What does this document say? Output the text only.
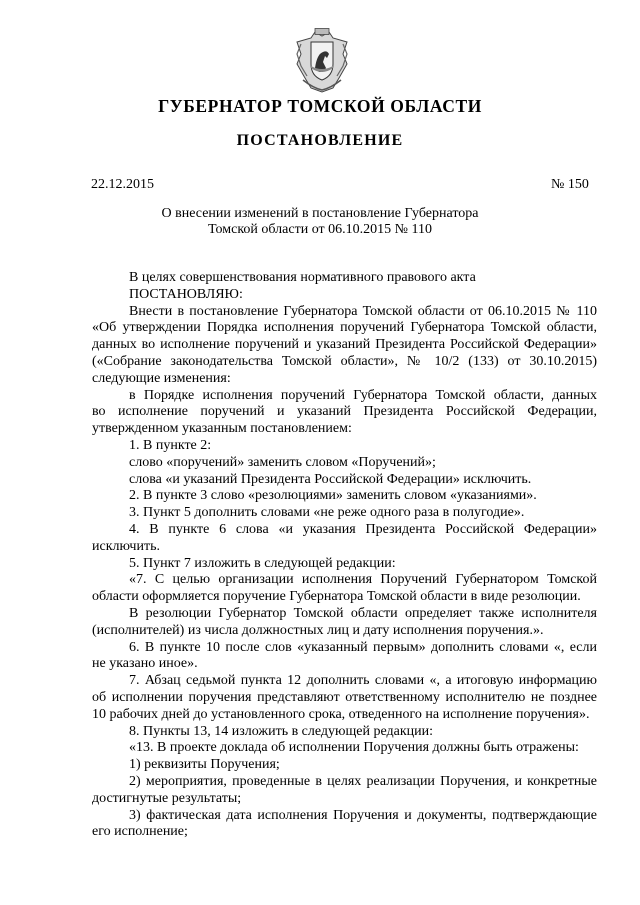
ГУБЕРНАТОР ТОМСКОЙ ОБЛАСТИ
ПОСТАНОВЛЕНИЕ
22.12.2015	№ 150
О внесении изменений в постановление Губернатора
Томской области от 06.10.2015 № 110
В целях совершенствования нормативного правового акта
ПОСТАНОВЛЯЮ:
Внести в постановление Губернатора Томской области от 06.10.2015 № 110
«Об утверждении Порядка исполнения поручений Губернатора Томской области,
данных во исполнение поручений и указаний Президента Российской Федерации»
(«Собрание законодательства Томской области», № 10/2 (133) от 30.10.2015)
следующие изменения:
в Порядке исполнения поручений Губернатора Томской области, данных
во исполнение поручений и указаний Президента Российской Федерации,
утвержденном указанным постановлением:
1. В пункте 2:
слово «поручений» заменить словом «Поручений»;
слова «и указаний Президента Российской Федерации» исключить.
2. В пункте 3 слово «резолюциями» заменить словом «указаниями».
3. Пункт 5 дополнить словами «не реже одного раза в полугодие».
4. В пункте 6 слова «и указания Президента Российской Федерации»
исключить.
5. Пункт 7 изложить в следующей редакции:
«7. С целью организации исполнения Поручений Губернатором Томской
области оформляется поручение Губернатора Томской области в виде резолюции.
В резолюции Губернатор Томской области определяет также исполнителя
(исполнителей) из числа должностных лиц и дату исполнения поручения.».
6. В пункте 10 после слов «указанный первым» дополнить словами «, если
не указано иное».
7. Абзац седьмой пункта 12 дополнить словами «, а итоговую информацию
об исполнении поручения представляют ответственному исполнителю не позднее
10 рабочих дней до установленного срока, отведенного на исполнение поручения».
8. Пункты 13, 14 изложить в следующей редакции:
«13. В проекте доклада об исполнении Поручения должны быть отражены:
1) реквизиты Поручения;
2) мероприятия, проведенные в целях реализации Поручения, и конкретные
достигнутые результаты;
3) фактическая дата исполнения Поручения и документы, подтверждающие
его исполнение;
